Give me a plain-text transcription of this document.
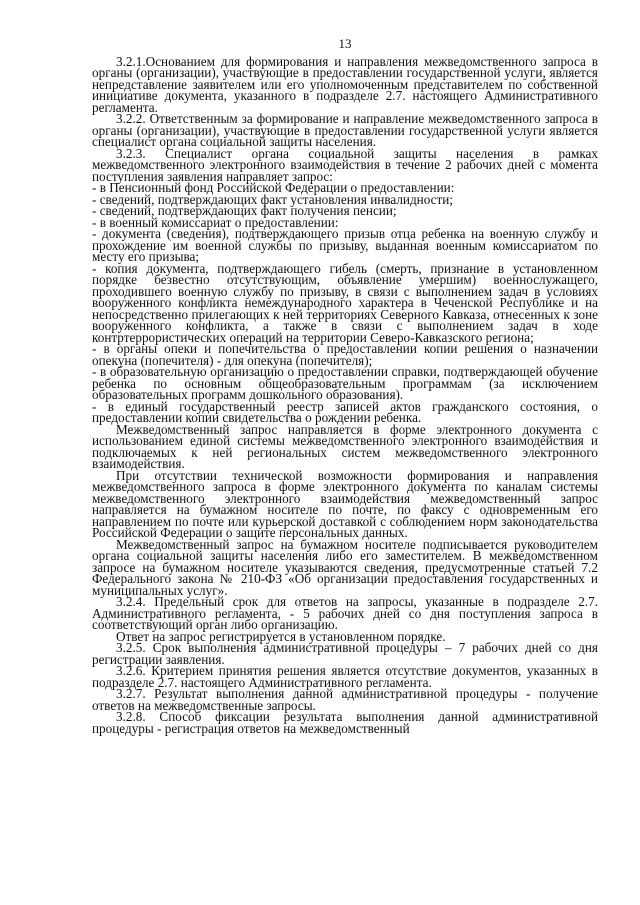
13

3.2.1.Основанием для формирования и направления межведомственного запроса в органы (организации), участвующие в предоставлении государственной услуги, является непредставление заявителем или его уполномоченным представителем по собственной инициативе документа, указанного в подразделе 2.7. настоящего Административного регламента.

3.2.2. Ответственным за формирование и направление межведомственного запроса в органы (организации), участвующие в предоставлении государственной услуги является специалист органа социальной защиты населения.

3.2.3. Специалист органа социальной защиты населения в рамках межведомственного электронного взаимодействия в течение 2 рабочих дней с момента поступления заявления направляет запрос:

- в Пенсионный фонд Российской Федерации о предоставлении:

- сведений, подтверждающих факт установления инвалидности;

- сведений, подтверждающих факт получения пенсии;

- в военный комиссариат о предоставлении:

- документа (сведения), подтверждающего призыв отца ребенка на военную службу и прохождение им военной службы по призыву, выданная военным комиссариатом по месту его призыва;

- копия документа, подтверждающего гибель (смерть, признание в установленном порядке безвестно отсутствующим, объявление умершим) военнослужащего, проходившего военную службу по призыву, в связи с выполнением задач в условиях вооруженного конфликта немеждународного характера в Чеченской Республике и на непосредственно прилегающих к ней территориях Северного Кавказа, отнесенных к зоне вооруженного конфликта, а также в связи с выполнением задач в ходе контртеррористических операций на территории Северо-Кавказского региона;

- в органы опеки и попечительства о предоставлении копии решения о назначении опекуна (попечителя) - для опекуна (попечителя);

- в образовательную организацию о предоставлении справки, подтверждающей обучение ребенка по основным общеобразовательным программам (за исключением образовательных программ дошкольного образования).

- в единый государственный реестр записей актов гражданского состояния, о предоставлении копии свидетельства о рождении ребенка.

Межведомственный запрос направляется в форме электронного документа с использованием единой системы межведомственного электронного взаимодействия и подключаемых к ней региональных систем межведомственного электронного взаимодействия.

При отсутствии технической возможности формирования и направления межведомственного запроса в форме электронного документа по каналам системы межведомственного электронного взаимодействия межведомственный запрос направляется на бумажном носителе по почте, по факсу с одновременным его направлением по почте или курьерской доставкой с соблюдением норм законодательства Российской Федерации о защите персональных данных.

Межведомственный запрос на бумажном носителе подписывается руководителем органа социальной защиты населения либо его заместителем. В межведомственном запросе на бумажном носителе указываются сведения, предусмотренные статьей 7.2 Федерального закона № 210-ФЗ «Об организации предоставления государственных и муниципальных услуг».

3.2.4. Предельный срок для ответов на запросы, указанные в подразделе 2.7. Административного регламента, - 5 рабочих дней со дня поступления запроса в соответствующий орган либо организацию.

Ответ на запрос регистрируется в установленном порядке.

3.2.5. Срок выполнения административной процедуры – 7 рабочих дней со дня регистрации заявления.

3.2.6. Критерием принятия решения является отсутствие документов, указанных в подразделе 2.7. настоящего Административного регламента.

3.2.7. Результат выполнения данной административной процедуры - получение ответов на межведомственные запросы.

3.2.8. Способ фиксации результата выполнения данной административной процедуры - регистрация ответов на межведомственный
